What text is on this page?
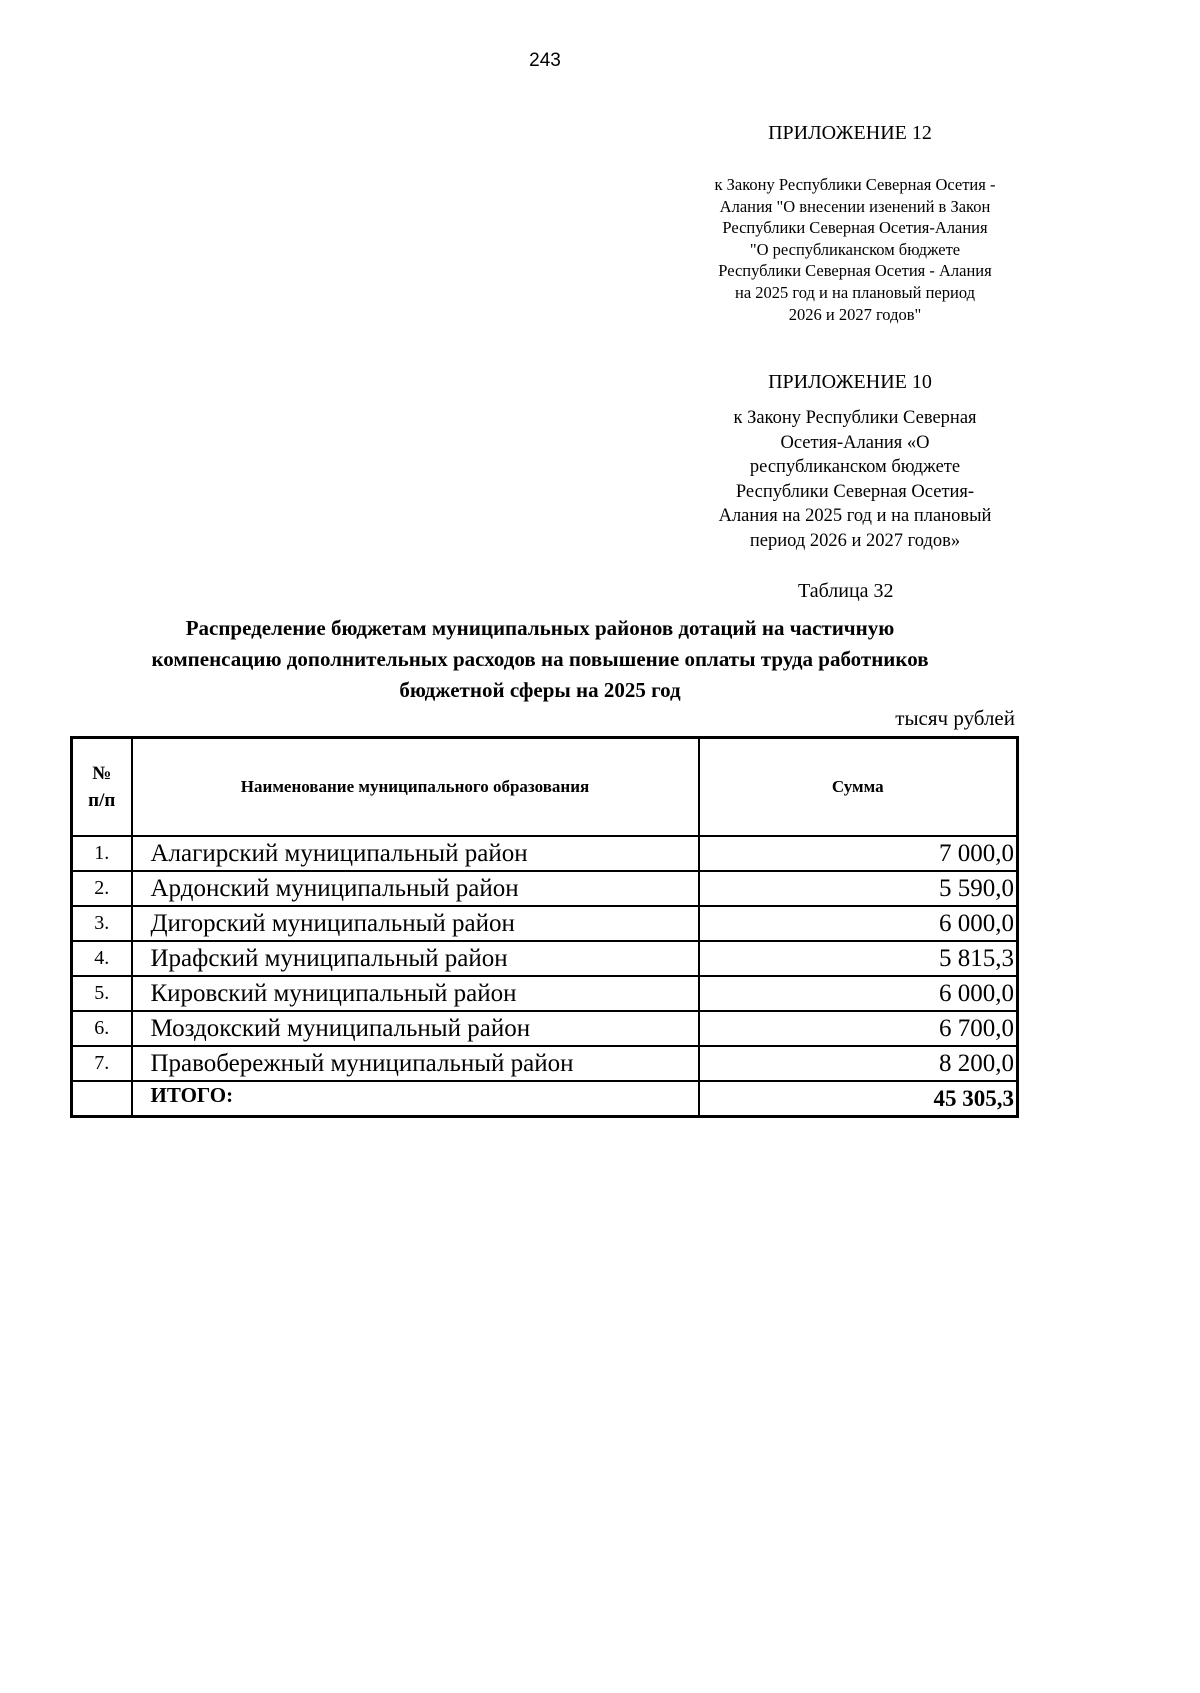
243
ПРИЛОЖЕНИЕ 12
к Закону Республики Северная Осетия -
Алания "О внесении изенений в Закон
Республики Северная Осетия-Алания
"О республиканском бюджете
Республики Северная Осетия - Алания
на 2025 год и на плановый период
2026 и 2027 годов"
ПРИЛОЖЕНИЕ 10
к Закону Республики Северная
Осетия-Алания «О
республиканском бюджете
Республики Северная Осетия-
Алания на 2025 год и на плановый
период 2026 и 2027 годов»
Таблица 32
Распределение бюджетам муниципальных районов дотаций на частичную
компенсацию дополнительных расходов на повышение оплаты труда работников
бюджетной сферы на 2025 год
тысяч рублей
№
п/п	Наименование муниципального образования	Сумма
1.	Алагирский муниципальный район	7 000,0
2.	Ардонский муниципальный район	5 590,0
3.	Дигорский муниципальный район	6 000,0
4.	Ирафский муниципальный район	5 815,3
5.	Кировский муниципальный район	6 000,0
6.	Моздокский муниципальный район	6 700,0
7.	Правобережный муниципальный район	8 200,0
	ИТОГО:	45 305,3
